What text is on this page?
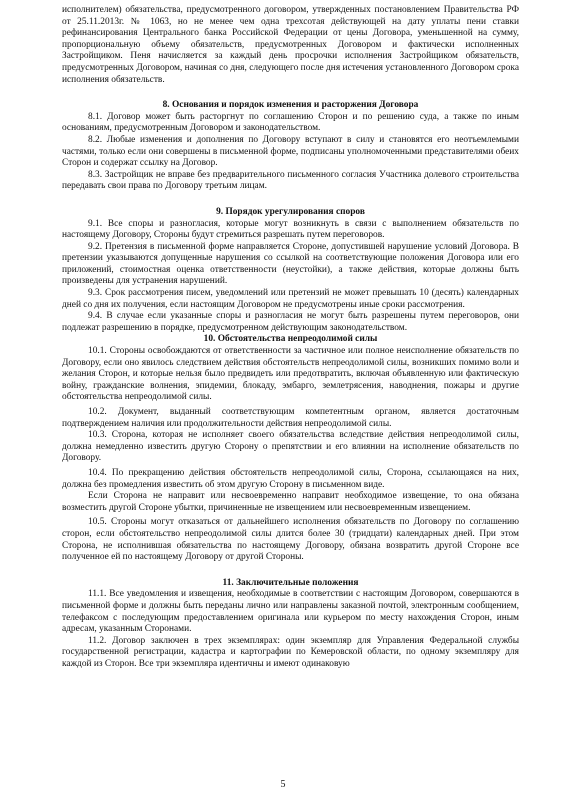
исполнителем) обязательства, предусмотренного договором, утвержденных постановлением Правительства РФ от 25.11.2013г. № 1063, но не менее чем одна трехсотая действующей на дату уплаты пени ставки рефинансирования Центрального банка Российской Федерации от цены Договора, уменьшенной на сумму, пропорциональную объему обязательств, предусмотренных Договором и фактически исполненных Застройщиком. Пеня начисляется за каждый день просрочки исполнения Застройщиком обязательств, предусмотренных Договором, начиная со дня, следующего после дня истечения установленного Договором срока исполнения обязательств.

8. Основания и порядок изменения и расторжения Договора

8.1. Договор может быть расторгнут по соглашению Сторон и по решению суда, а также по иным основаниям, предусмотренным Договором и законодательством.

8.2. Любые изменения и дополнения по Договору вступают в силу и становятся его неотъемлемыми частями, только если они совершены в письменной форме, подписаны уполномоченными представителями обеих Сторон и содержат ссылку на Договор.

8.3. Застройщик не вправе без предварительного письменного согласия Участника долевого строительства передавать свои права по Договору третьим лицам.

9. Порядок урегулирования споров

9.1. Все споры и разногласия, которые могут возникнуть в связи с выполнением обязательств по настоящему Договору, Стороны будут стремиться разрешать путем переговоров.

9.2. Претензия в письменной форме направляется Стороне, допустившей нарушение условий Договора. В претензии указываются допущенные нарушения со ссылкой на соответствующие положения Договора или его приложений, стоимостная оценка ответственности (неустойки), а также действия, которые должны быть произведены для устранения нарушений.

9.3. Срок рассмотрения писем, уведомлений или претензий не может превышать 10 (десять) календарных дней со дня их получения, если настоящим Договором не предусмотрены иные сроки рассмотрения.

9.4. В случае если указанные споры и разногласия не могут быть разрешены путем переговоров, они подлежат разрешению в порядке, предусмотренном действующим законодательством.

10. Обстоятельства непреодолимой силы

10.1. Стороны освобождаются от ответственности за частичное или полное неисполнение обязательств по Договору, если оно явилось следствием действия обстоятельств непреодолимой силы, возникших помимо воли и желания Сторон, и которые нельзя было предвидеть или предотвратить, включая объявленную или фактическую войну, гражданские волнения, эпидемии, блокаду, эмбарго, землетрясения, наводнения, пожары и другие обстоятельства непреодолимой силы.

10.2. Документ, выданный соответствующим компетентным органом, является достаточным подтверждением наличия или продолжительности действия непреодолимой силы.

10.3. Сторона, которая не исполняет своего обязательства вследствие действия непреодолимой силы, должна немедленно известить другую Сторону о препятствии и его влиянии на исполнение обязательств по Договору.

10.4. По прекращению действия обстоятельств непреодолимой силы, Сторона, ссылающаяся на них, должна без промедления известить об этом другую Сторону в письменном виде.

Если Сторона не направит или несвоевременно направит необходимое извещение, то она обязана возместить другой Стороне убытки, причиненные не извещением или несвоевременным извещением.

10.5. Стороны могут отказаться от дальнейшего исполнения обязательств по Договору по соглашению сторон, если обстоятельство непреодолимой силы длится более 30 (тридцати) календарных дней. При этом Сторона, не исполнившая обязательства по настоящему Договору, обязана возвратить другой Стороне все полученное ей по настоящему Договору от другой Стороны.

11. Заключительные положения

11.1. Все уведомления и извещения, необходимые в соответствии с настоящим Договором, совершаются в письменной форме и должны быть переданы лично или направлены заказной почтой, электронным сообщением, телефаксом с последующим предоставлением оригинала или курьером по месту нахождения Сторон, иным адресам, указанным Сторонами.

11.2. Договор заключен в трех экземплярах: один экземпляр для Управления Федеральной службы государственной регистрации, кадастра и картографии по Кемеровской области, по одному экземпляру для каждой из Сторон. Все три экземпляра идентичны и имеют одинаковую

5
